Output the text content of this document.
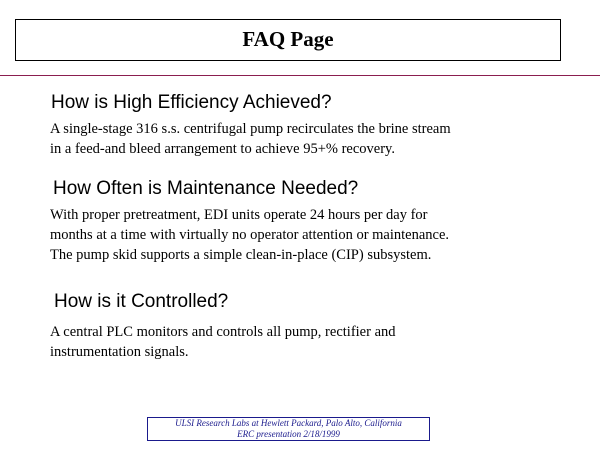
FAQ Page
How is High Efficiency Achieved?
A single-stage 316 s.s. centrifugal pump recirculates the brine stream
in a feed-and bleed arrangement to achieve 95+% recovery.
How Often is Maintenance Needed?
With proper pretreatment, EDI units operate 24 hours per day for
months at a time with virtually no operator attention or maintenance.
The pump skid supports a simple clean-in-place (CIP) subsystem.
How is it Controlled?
A central PLC monitors and controls all pump, rectifier and
instrumentation signals.
ULSI Research Labs at Hewlett Packard, Palo Alto, California
ERC presentation 2/18/1999
